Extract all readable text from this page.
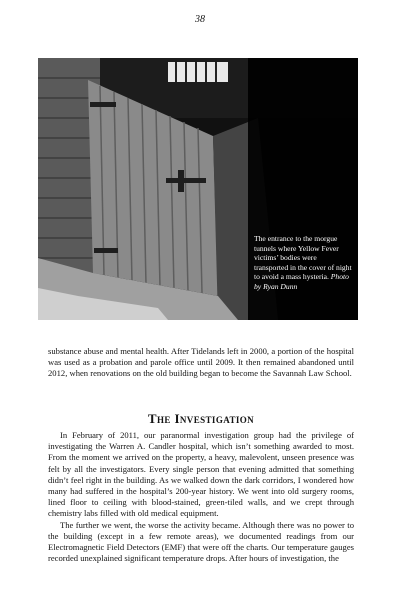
38
The entrance to the morgue tunnels where Yellow Fever victims’ bodies were transported in the cover of night to avoid a mass hysteria. Photo by Ryan Dunn

substance abuse and mental health. After Tidelands left in 2000, a portion of the hospital was used as a probation and parole office until 2009. It then remained abandoned until 2012, when renovations on the old building began to become the Savannah Law School.

The Investigation

In February of 2011, our paranormal investigation group had the privilege of investigating the Warren A. Candler hospital, which isn’t something awarded to most. From the moment we arrived on the property, a heavy, malevolent, unseen presence was felt by all the investigators. Every single person that evening admitted that something didn’t feel right in the building. As we walked down the dark corridors, I wondered how many had suffered in the hospital’s 200-year history. We went into old surgery rooms, lined floor to ceiling with blood-stained, green-tiled walls, and we crept through chemistry labs filled with old medical equipment.

The further we went, the worse the activity became. Although there was no power to the building (except in a few remote areas), we documented readings from our Electromagnetic Field Detectors (EMF) that were off the charts. Our temperature gauges recorded unexplained significant temperature drops. After hours of investigation, the
